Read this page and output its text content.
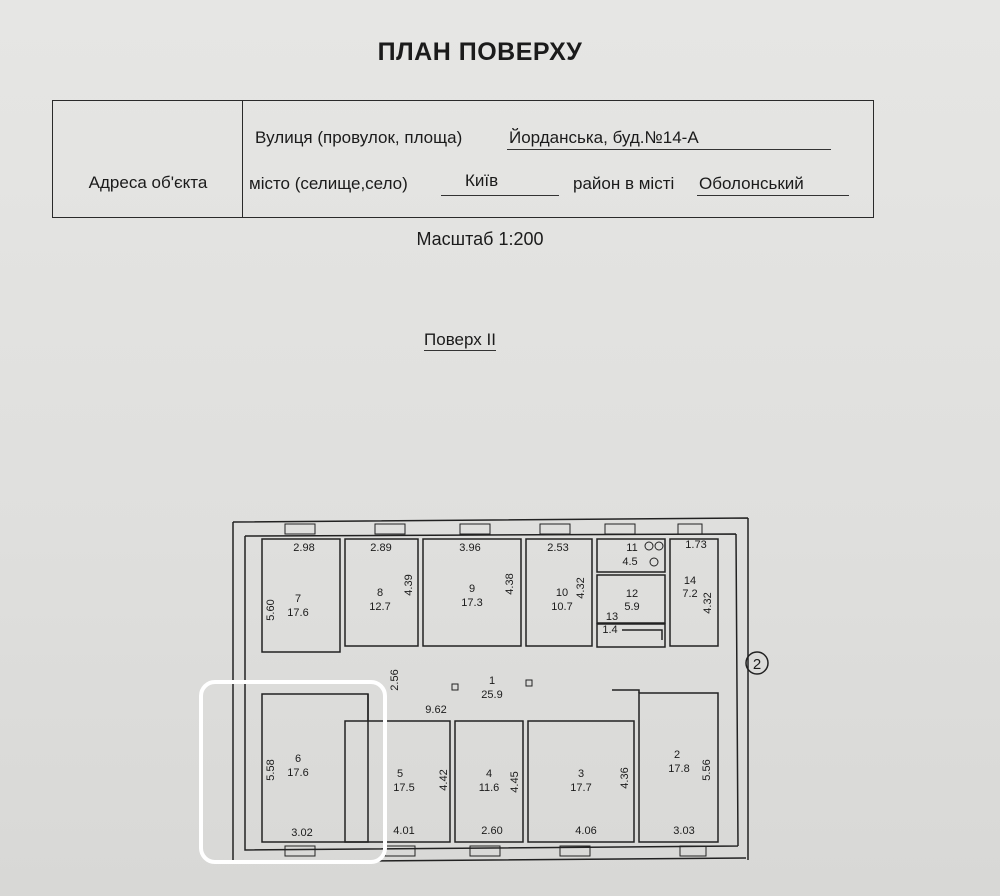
ПЛАН ПОВЕРХУ
Адреса об'єкта
Вулиця (провулок, площа)	Йорданська, буд.№14-А
місто (селище,село)	Київ	район в місті Оболонський
Масштаб 1:200
Поверх II
2
7
17.6
8
12.7
9
17.3
10
10.7
11
4.5
12
5.9
13
1.4
14
7.2
1
25.9
6
17.6	5
17.5
4
11.6
3
17.7
2
17.8
2.98	2.89	3.96	2.53	1.73
9.62
3.02	4.01	2.60	4.06	3.03
5.60
4.39	4.38	4.32
4.32
2.56
5.58	4.42	4.45	4.36	5.56
